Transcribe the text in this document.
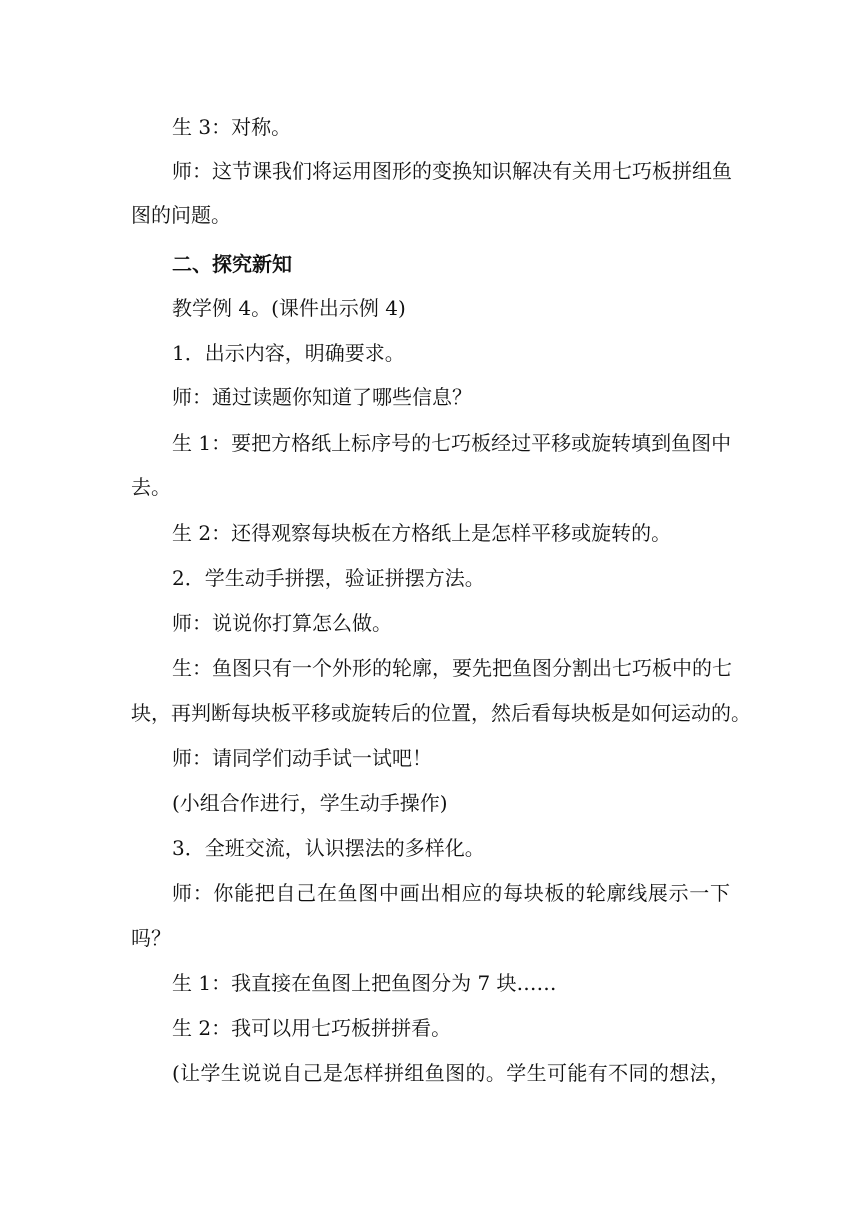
生 3：对称。

师：这节课我们将运用图形的变换知识解决有关用七巧板拼组鱼

图的问题。

二、探究新知

教学例 4。(课件出示例 4)

1．出示内容，明确要求。

师：通过读题你知道了哪些信息？

生 1：要把方格纸上标序号的七巧板经过平移或旋转填到鱼图中

去。

生 2：还得观察每块板在方格纸上是怎样平移或旋转的。

2．学生动手拼摆，验证拼摆方法。

师：说说你打算怎么做。

生：鱼图只有一个外形的轮廓，要先把鱼图分割出七巧板中的七

块，再判断每块板平移或旋转后的位置，然后看每块板是如何运动的。

师：请同学们动手试一试吧！

(小组合作进行，学生动手操作)

3．全班交流，认识摆法的多样化。

师：你能把自己在鱼图中画出相应的每块板的轮廓线展示一下

吗？

生 1：我直接在鱼图上把鱼图分为 7 块……

生 2：我可以用七巧板拼拼看。

(让学生说说自己是怎样拼组鱼图的。学生可能有不同的想法，
